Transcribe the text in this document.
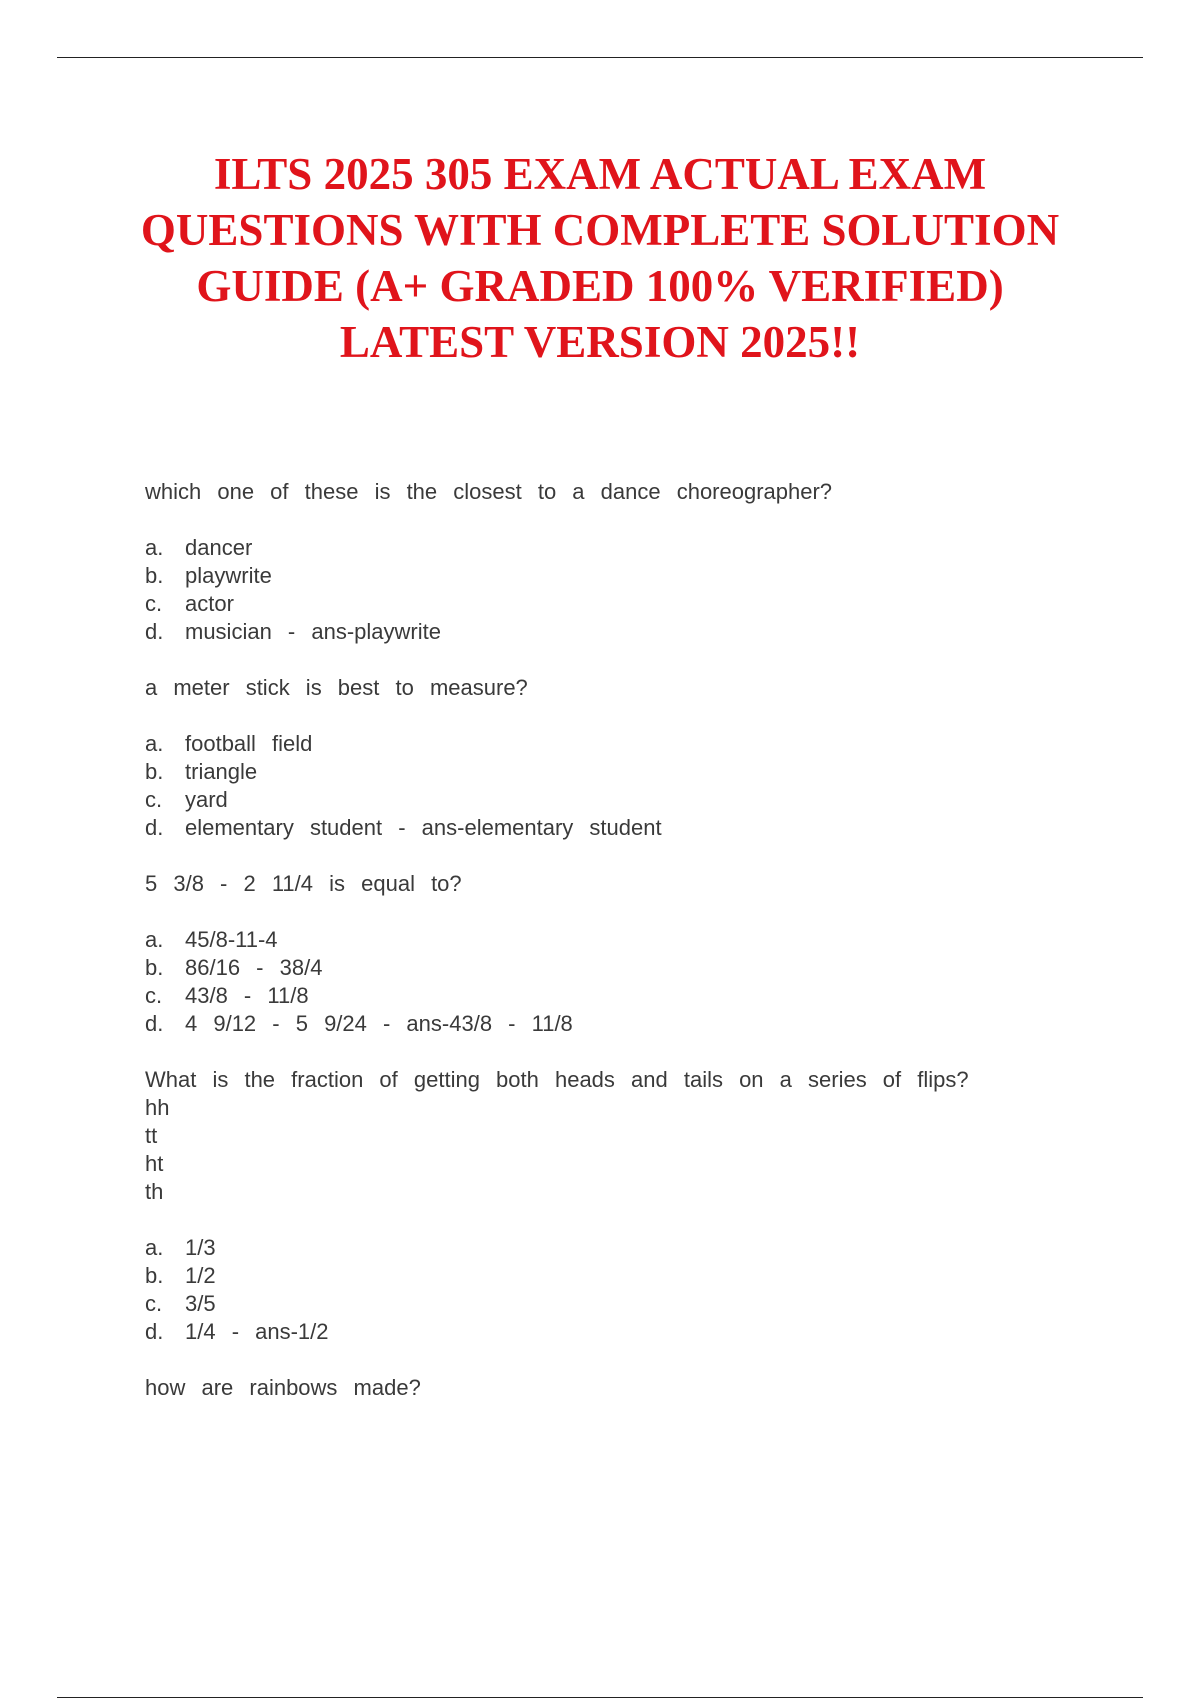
ILTS 2025 305 EXAM ACTUAL EXAM QUESTIONS WITH COMPLETE SOLUTION GUIDE (A+ GRADED 100% VERIFIED) LATEST VERSION 2025!!
which one of these is the closest to a dance choreographer?
a. dancer
b. playwrite
c. actor
d. musician - ans-playwrite
a meter stick is best to measure?
a. football field
b. triangle
c. yard
d. elementary student - ans-elementary student
5 3/8 - 2 11/4 is equal to?
a. 45/8-11-4
b. 86/16 - 38/4
c. 43/8 - 11/8
d. 4 9/12 - 5 9/24 - ans-43/8 - 11/8
What is the fraction of getting both heads and tails on a series of flips?
hh
tt
ht
th
a. 1/3
b. 1/2
c. 3/5
d. 1/4 - ans-1/2
how are rainbows made?
